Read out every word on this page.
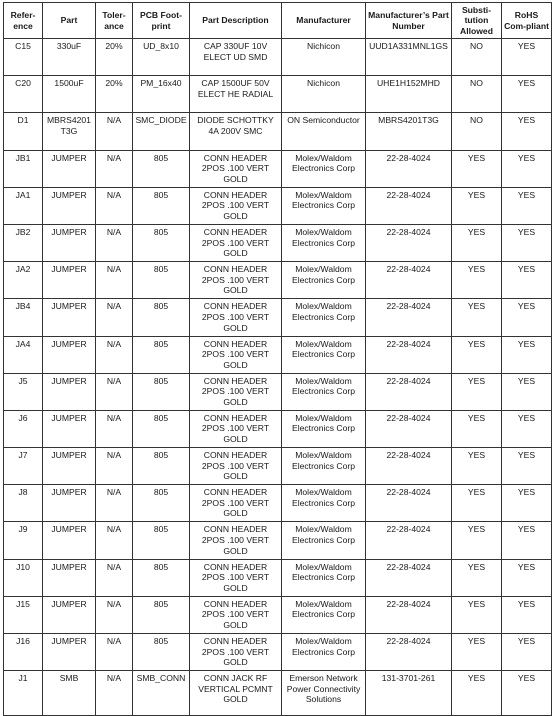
Refer-ence	Part	Toler-ance	PCB Foot-print	Part Description	Manufacturer	Manufacturer’s Part Number	Substi-tution Allowed	RoHS Com-pliant
C15	330uF	20%	UD_8x10	CAP 330UF 10V ELECT UD SMD	Nichicon	UUD1A331MNL1GS	NO	YES
C20	1500uF	20%	PM_16x40	CAP 1500UF 50V ELECT HE RADIAL	Nichicon	UHE1H152MHD	NO	YES
D1	MBRS4201T3G	N/A	SMC_DIODE	DIODE SCHOTTKY 4A 200V SMC	ON Semiconductor	MBRS4201T3G	NO	YES
JB1	JUMPER	N/A	805	CONN HEADER 2POS .100 VERT GOLD	Molex/Waldom Electronics Corp	22-28-4024	YES	YES
JA1	JUMPER	N/A	805	CONN HEADER 2POS .100 VERT GOLD	Molex/Waldom Electronics Corp	22-28-4024	YES	YES
JB2	JUMPER	N/A	805	CONN HEADER 2POS .100 VERT GOLD	Molex/Waldom Electronics Corp	22-28-4024	YES	YES
JA2	JUMPER	N/A	805	CONN HEADER 2POS .100 VERT GOLD	Molex/Waldom Electronics Corp	22-28-4024	YES	YES
JB4	JUMPER	N/A	805	CONN HEADER 2POS .100 VERT GOLD	Molex/Waldom Electronics Corp	22-28-4024	YES	YES
JA4	JUMPER	N/A	805	CONN HEADER 2POS .100 VERT GOLD	Molex/Waldom Electronics Corp	22-28-4024	YES	YES
J5	JUMPER	N/A	805	CONN HEADER 2POS .100 VERT GOLD	Molex/Waldom Electronics Corp	22-28-4024	YES	YES
J6	JUMPER	N/A	805	CONN HEADER 2POS .100 VERT GOLD	Molex/Waldom Electronics Corp	22-28-4024	YES	YES
J7	JUMPER	N/A	805	CONN HEADER 2POS .100 VERT GOLD	Molex/Waldom Electronics Corp	22-28-4024	YES	YES
J8	JUMPER	N/A	805	CONN HEADER 2POS .100 VERT GOLD	Molex/Waldom Electronics Corp	22-28-4024	YES	YES
J9	JUMPER	N/A	805	CONN HEADER 2POS .100 VERT GOLD	Molex/Waldom Electronics Corp	22-28-4024	YES	YES
J10	JUMPER	N/A	805	CONN HEADER 2POS .100 VERT GOLD	Molex/Waldom Electronics Corp	22-28-4024	YES	YES
J15	JUMPER	N/A	805	CONN HEADER 2POS .100 VERT GOLD	Molex/Waldom Electronics Corp	22-28-4024	YES	YES
J16	JUMPER	N/A	805	CONN HEADER 2POS .100 VERT GOLD	Molex/Waldom Electronics Corp	22-28-4024	YES	YES
J1	SMB	N/A	SMB_CONN	CONN JACK RF VERTICAL PCMNT GOLD	Emerson Network Power Connectivity Solutions	131-3701-261	YES	YES
